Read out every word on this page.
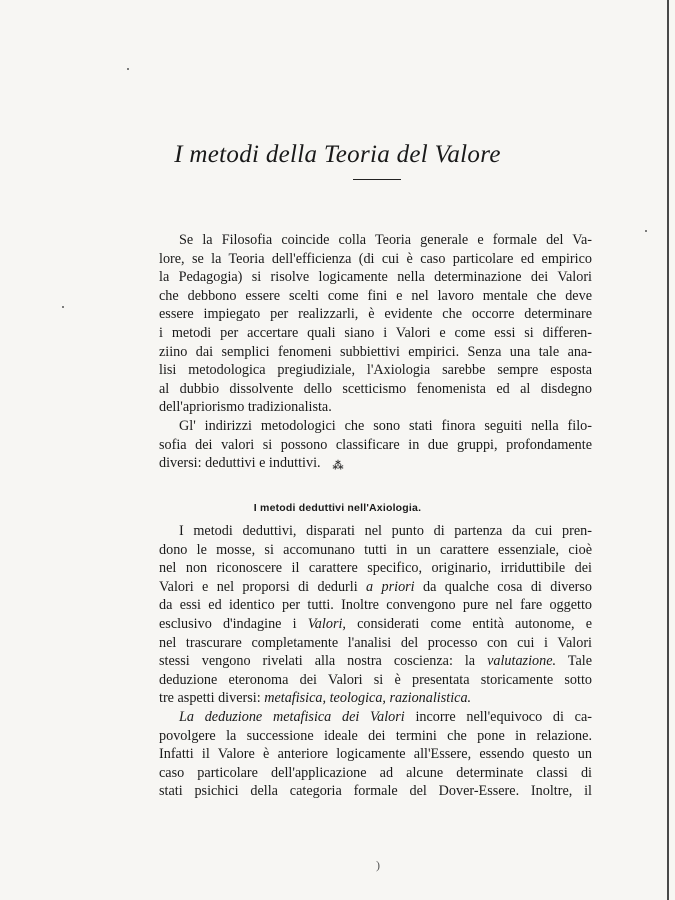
I metodi della Teoria del Valore

Se la Filosofia coincide colla Teoria generale e formale del Va-
lore, se la Teoria dell'efficienza (di cui è caso particolare ed empirico
la Pedagogia) si risolve logicamente nella determinazione dei Valori
che debbono essere scelti come fini e nel lavoro mentale che deve
essere impiegato per realizzarli, è evidente che occorre determinare
i metodi per accertare quali siano i Valori e come essi si differen-
ziino dai semplici fenomeni subbiettivi empirici. Senza una tale ana-
lisi metodologica pregiudiziale, l'Axiologia sarebbe sempre esposta
al dubbio dissolvente dello scetticismo fenomenista ed al disdegno
dell'apriorismo tradizionalista.

Gl' indirizzi metodologici che sono stati finora seguiti nella filo-
sofia dei valori si possono classificare in due gruppi, profondamente
diversi: deduttivi e induttivi.	⁂
I metodi deduttivi nell'Axiologia.

I metodi deduttivi, disparati nel punto di partenza da cui pren-
dono le mosse, si accomunano tutti in un carattere essenziale, cioè
nel non riconoscere il carattere specifico, originario, irriduttibile dei
Valori e nel proporsi di dedurli a priori da qualche cosa di diverso
da essi ed identico per tutti. Inoltre convengono pure nel fare oggetto
esclusivo d'indagine i Valori, considerati come entità autonome, e
nel trascurare completamente l'analisi del processo con cui i Valori
stessi vengono rivelati alla nostra coscienza: la valutazione. Tale
deduzione eteronoma dei Valori si è presentata storicamente sotto
tre aspetti diversi: metafisica, teologica, razionalistica.
La deduzione metafisica dei Valori incorre nell'equivoco di ca-
povolgere la successione ideale dei termini che pone in relazione.
Infatti il Valore è anteriore logicamente all'Essere, essendo questo un
caso particolare dell'applicazione ad alcune determinate classi di
stati psichici della categoria formale del Dover-Essere. Inoltre, il

)
